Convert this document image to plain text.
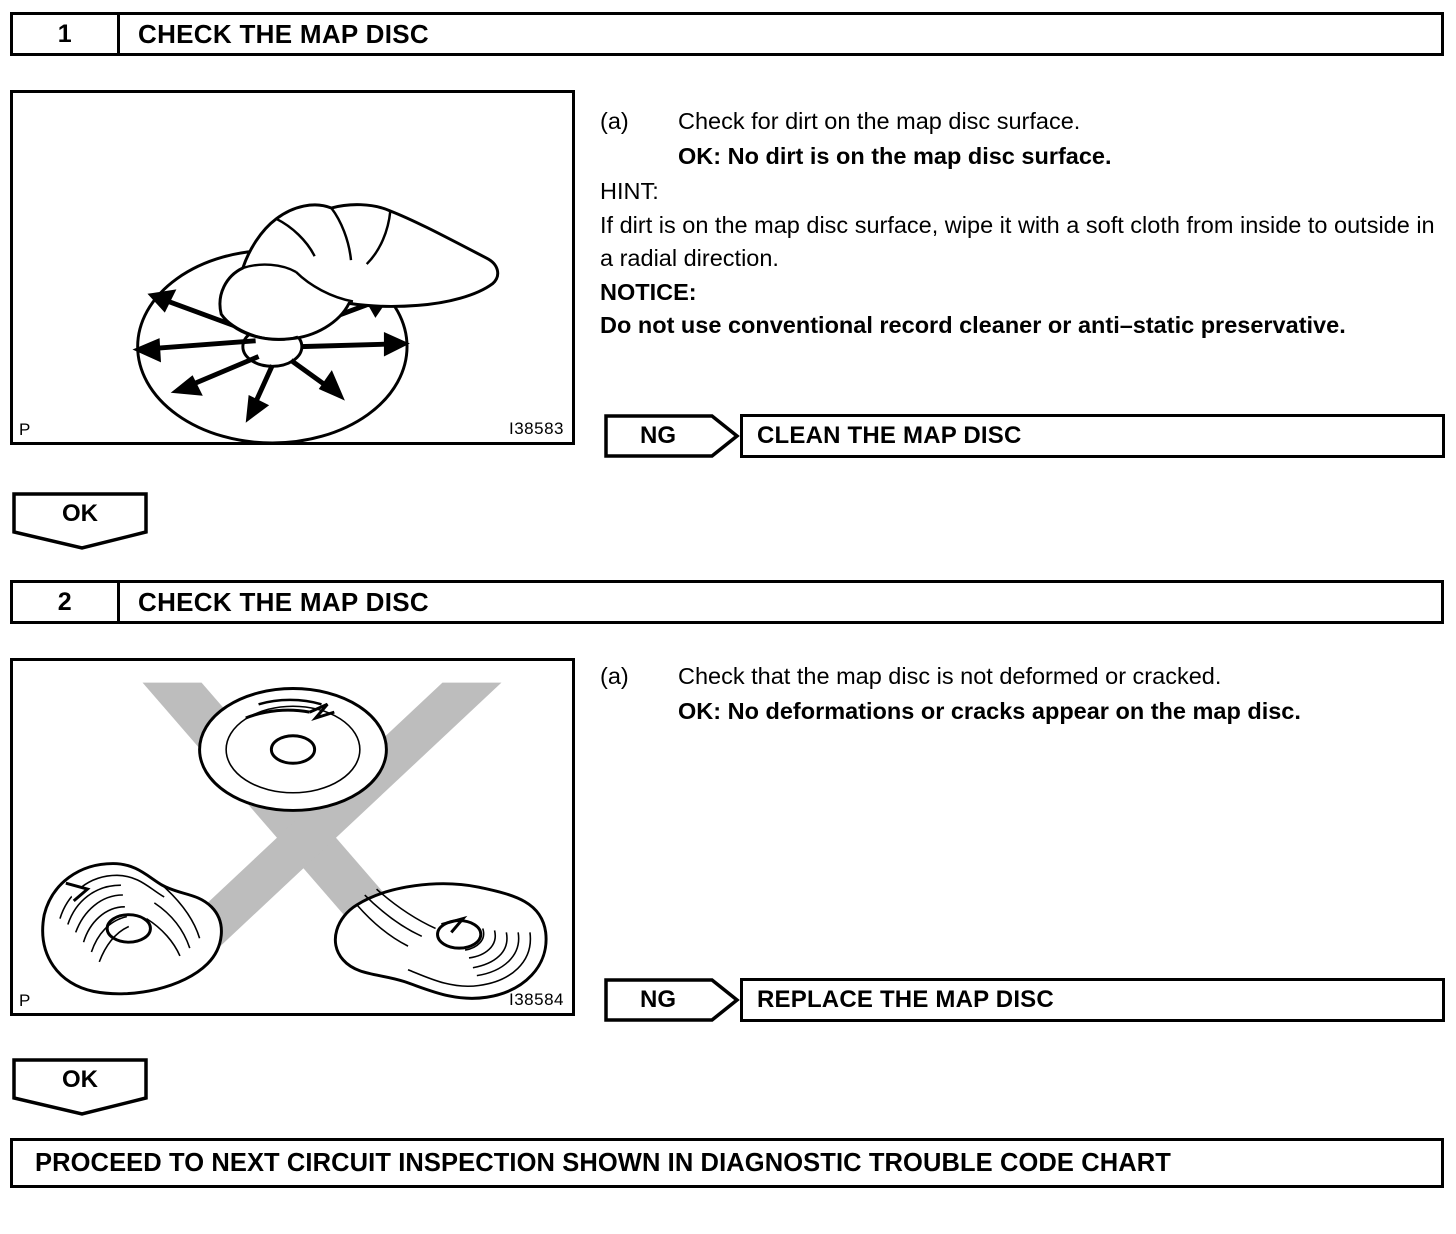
1	CHECK THE MAP DISC
P	I38583
(a)	Check for dirt on the map disc surface.
OK: No dirt is on the map disc surface.
HINT:
If dirt is on the map disc surface, wipe it with a soft cloth from inside to outside in a radial direction.
NOTICE:
Do not use conventional record cleaner or anti–static preservative.
NG	CLEAN THE MAP DISC
OK
2	CHECK THE MAP DISC
P	I38584
(a)	Check that the map disc is not deformed or cracked.
OK: No deformations or cracks appear on the map disc.
NG	REPLACE THE MAP DISC
OK
PROCEED TO NEXT CIRCUIT INSPECTION SHOWN IN DIAGNOSTIC TROUBLE CODE CHART
